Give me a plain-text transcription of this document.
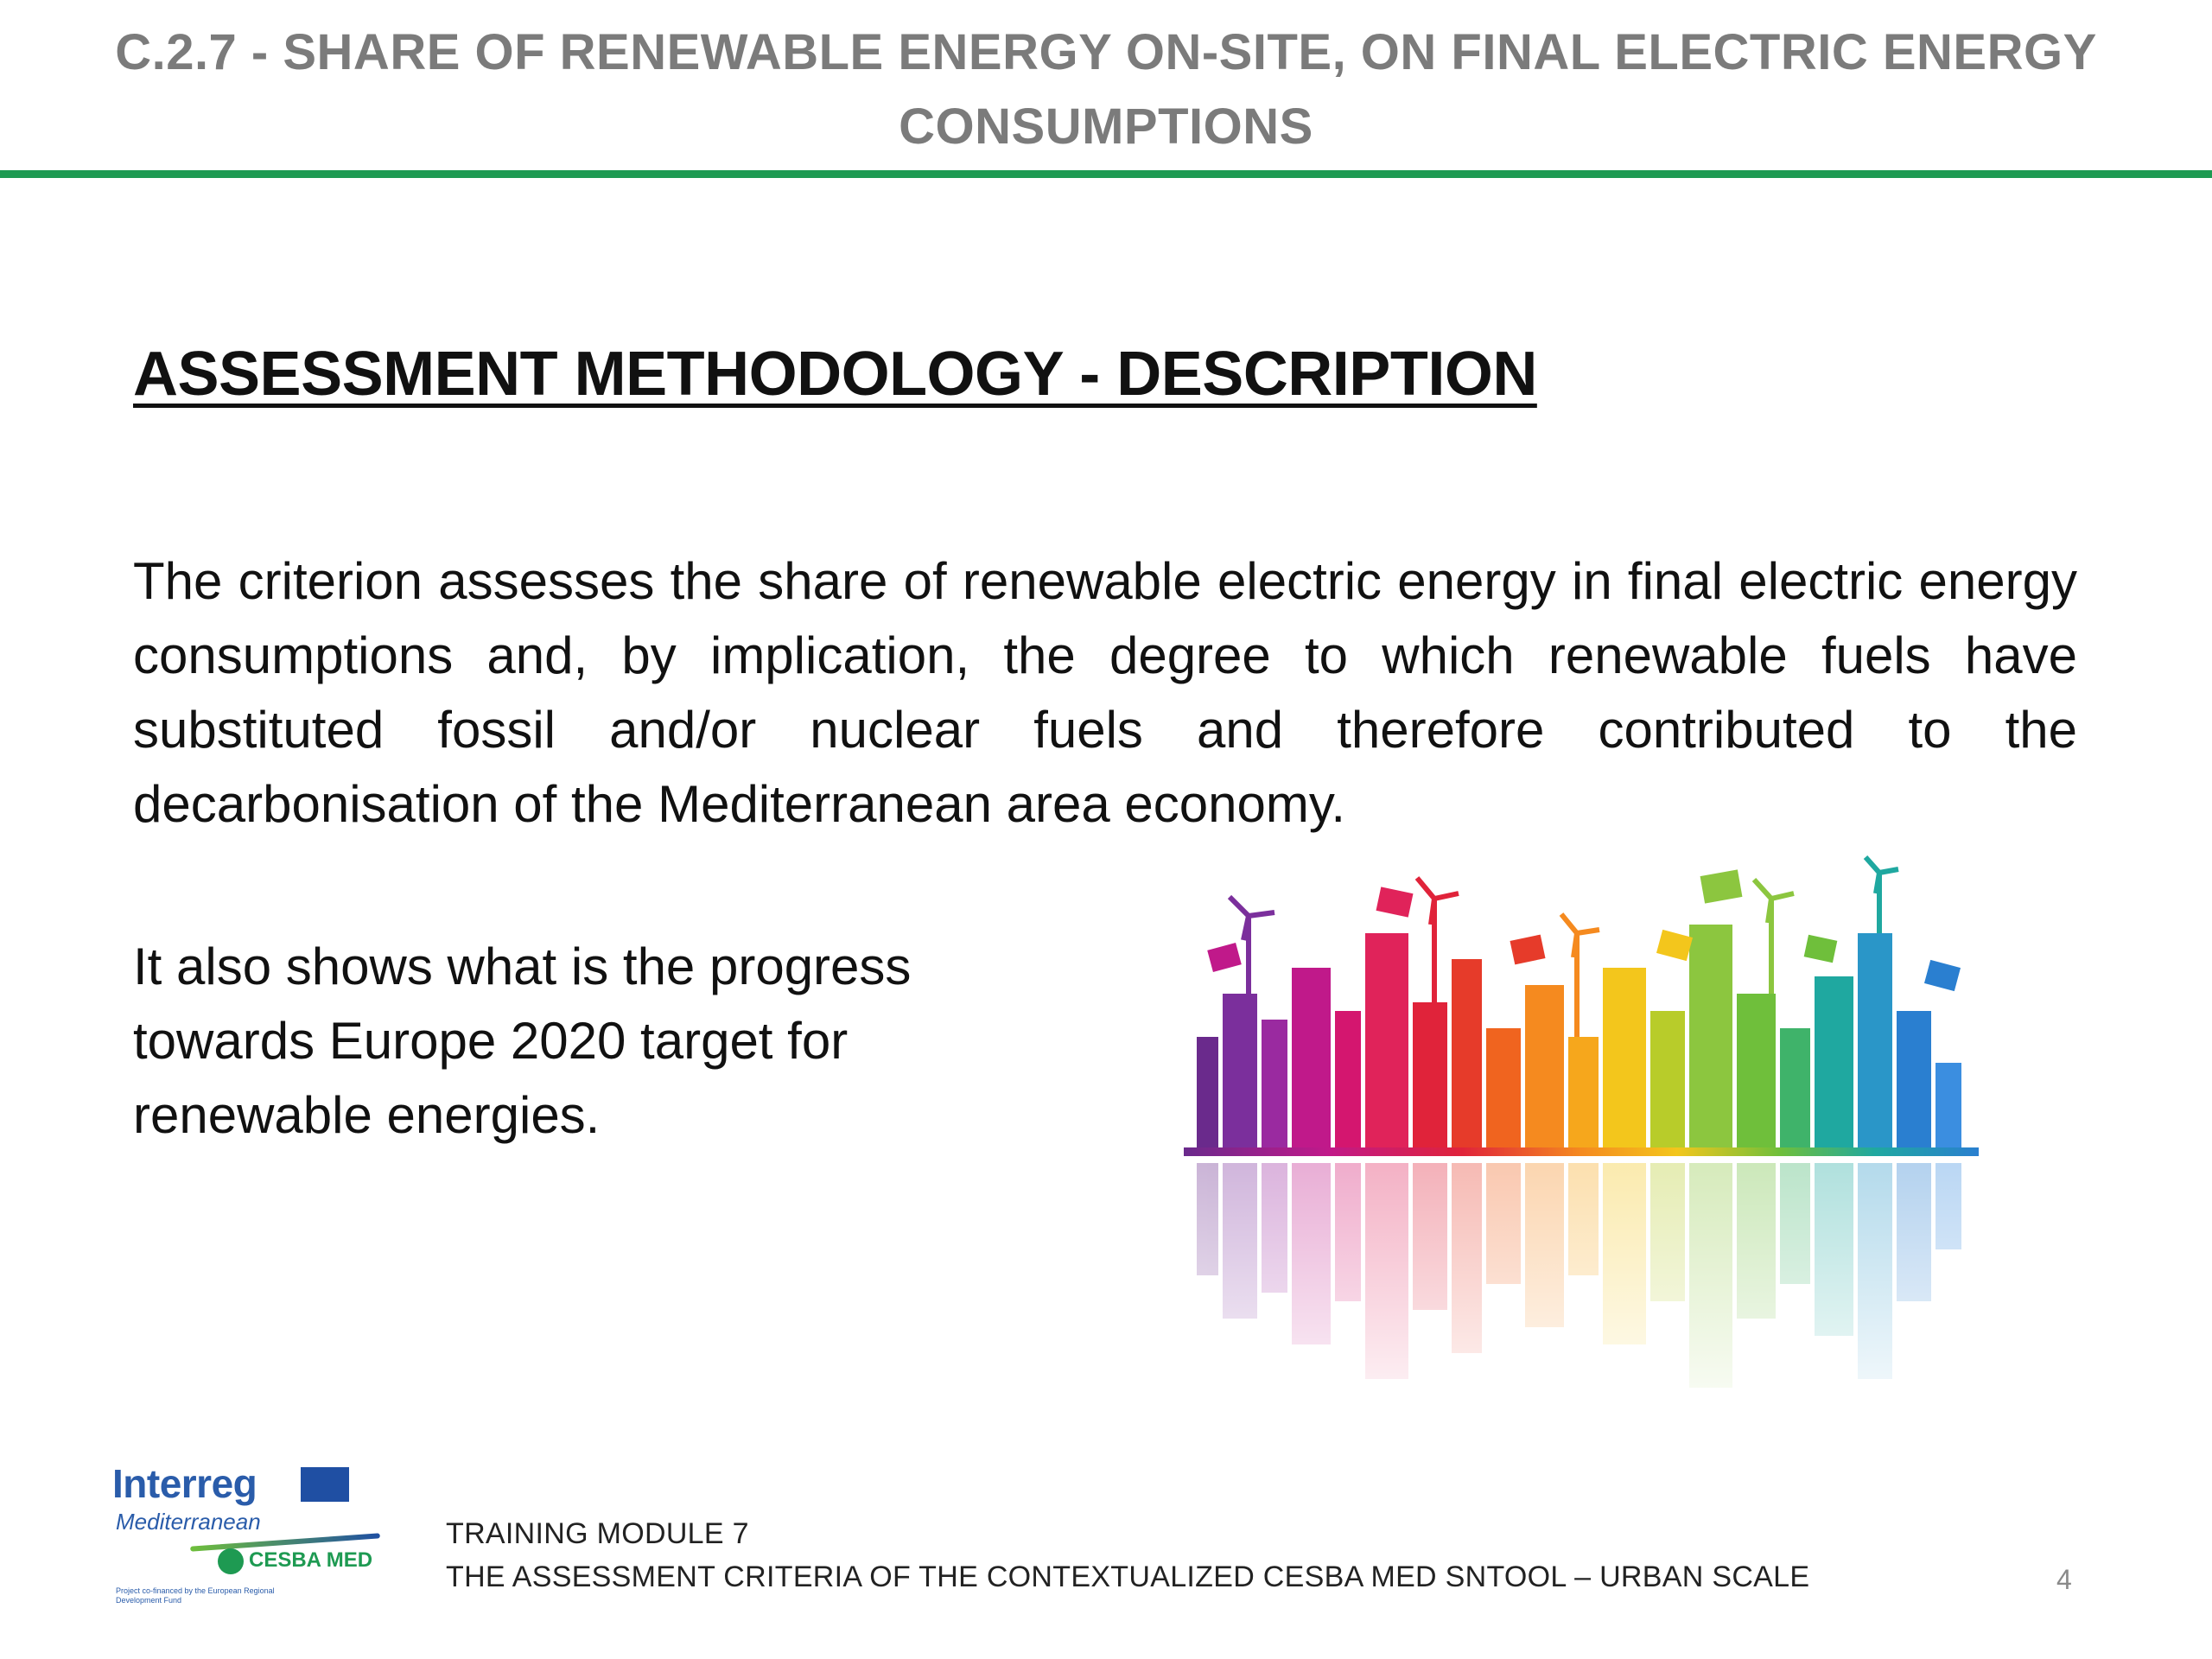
C.2.7 - SHARE OF RENEWABLE ENERGY ON-SITE, ON FINAL ELECTRIC ENERGY
CONSUMPTIONS
ASSESSMENT METHODOLOGY - DESCRIPTION

The criterion assesses the share of renewable electric energy in final electric energy consumptions and, by implication, the degree to which renewable fuels have substituted fossil and/or nuclear fuels and therefore contributed to the decarbonisation of the Mediterranean area economy.

It also shows what is the progress
towards Europe 2020 target for
renewable energies.

Interreg
Mediterranean
CESBA MED
Project co-financed by the European Regional Development Fund

TRAINING MODULE 7

THE ASSESSMENT CRITERIA OF THE CONTEXTUALIZED CESBA MED SNTOOL – URBAN SCALE	4
